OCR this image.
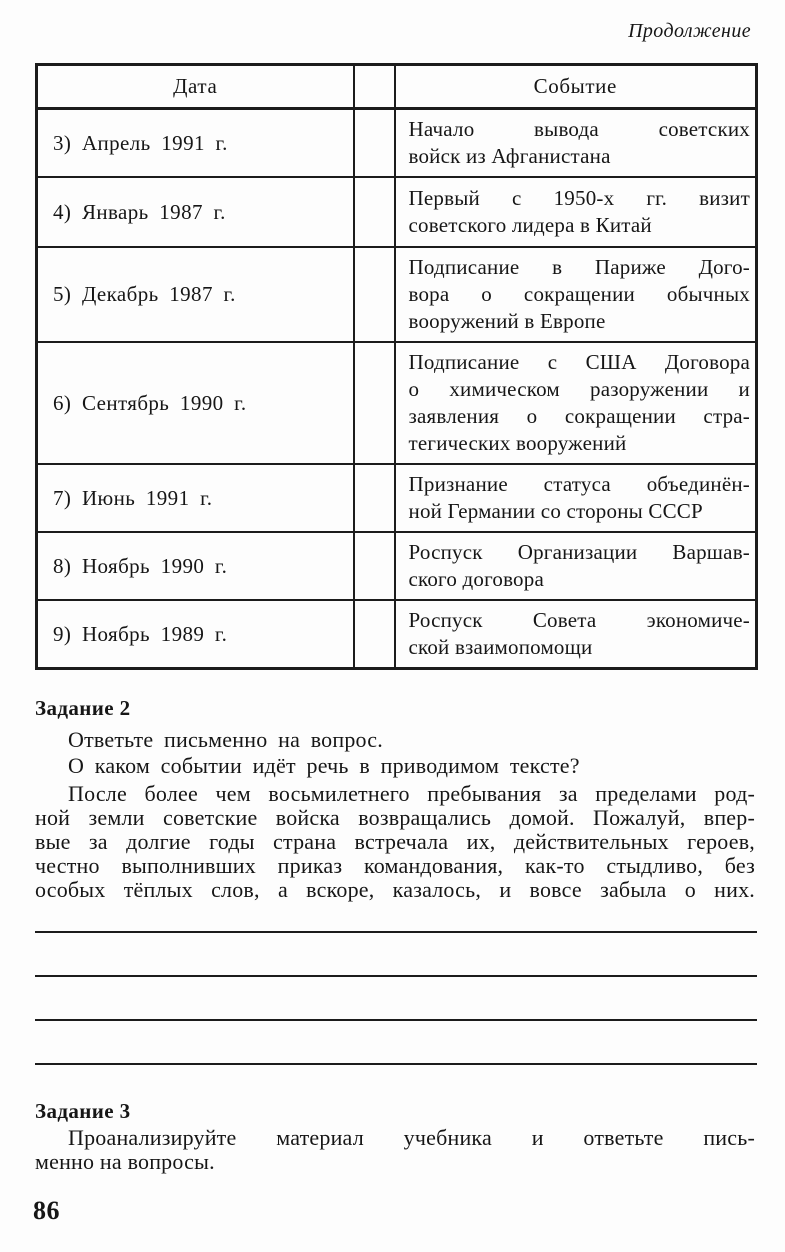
Продолжение
Дата		Событие
3) Апрель 1991 г.		Начало вывода советских
войск из Афганистана

4) Январь 1987 г.		Первый с 1950-х гг. визит
советского лидера в Китай

5) Декабрь 1987 г.		Подписание в Париже Дого-
вора о сокращении обычных
вооружений в Европе

6) Сентябрь 1990 г.		Подписание с США Договора
о химическом разоружении и
заявления о сокращении стра-
тегических вооружений

7) Июнь 1991 г.		Признание статуса объединён-
ной Германии со стороны СССР

8) Ноябрь 1990 г.		Роспуск Организации Варшав-
ского договора

9) Ноябрь 1989 г.		Роспуск Совета экономиче-
ской взаимопомощи
Задание 2
Ответьте письменно на вопрос.
О каком событии идёт речь в приводимом тексте?
После более чем восьмилетнего пребывания за пределами род-
ной земли советские войска возвращались домой. Пожалуй, впер-
вые за долгие годы страна встречала их, действительных героев,
честно выполнивших приказ командования, как-то стыдливо, без
особых тёплых слов, а вскоре, казалось, и вовсе забыла о них.
Задание 3
Проанализируйте материал учебника и ответьте пись-
менно на вопросы.
86
